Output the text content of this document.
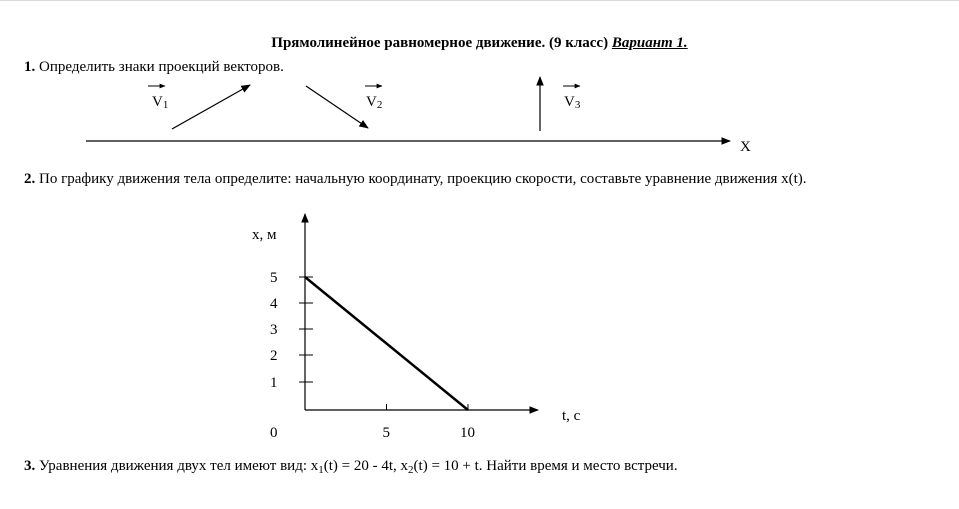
Прямолинейное равномерное движение. (9 класс) Вариант 1.
1. Определить знаки проекций векторов.
V1	V2	V3
X
x, м
t, c
1
2
3
4
5
0	5	10
2. По графику движения тела определите: начальную координату, проекцию скорости, составьте уравнение движения x(t).
3. Уравнения движения двух тел имеют вид: $x_1(t) = 20 - 4t$, $x_2(t) = 10 + t$. Найти время и место встречи.
